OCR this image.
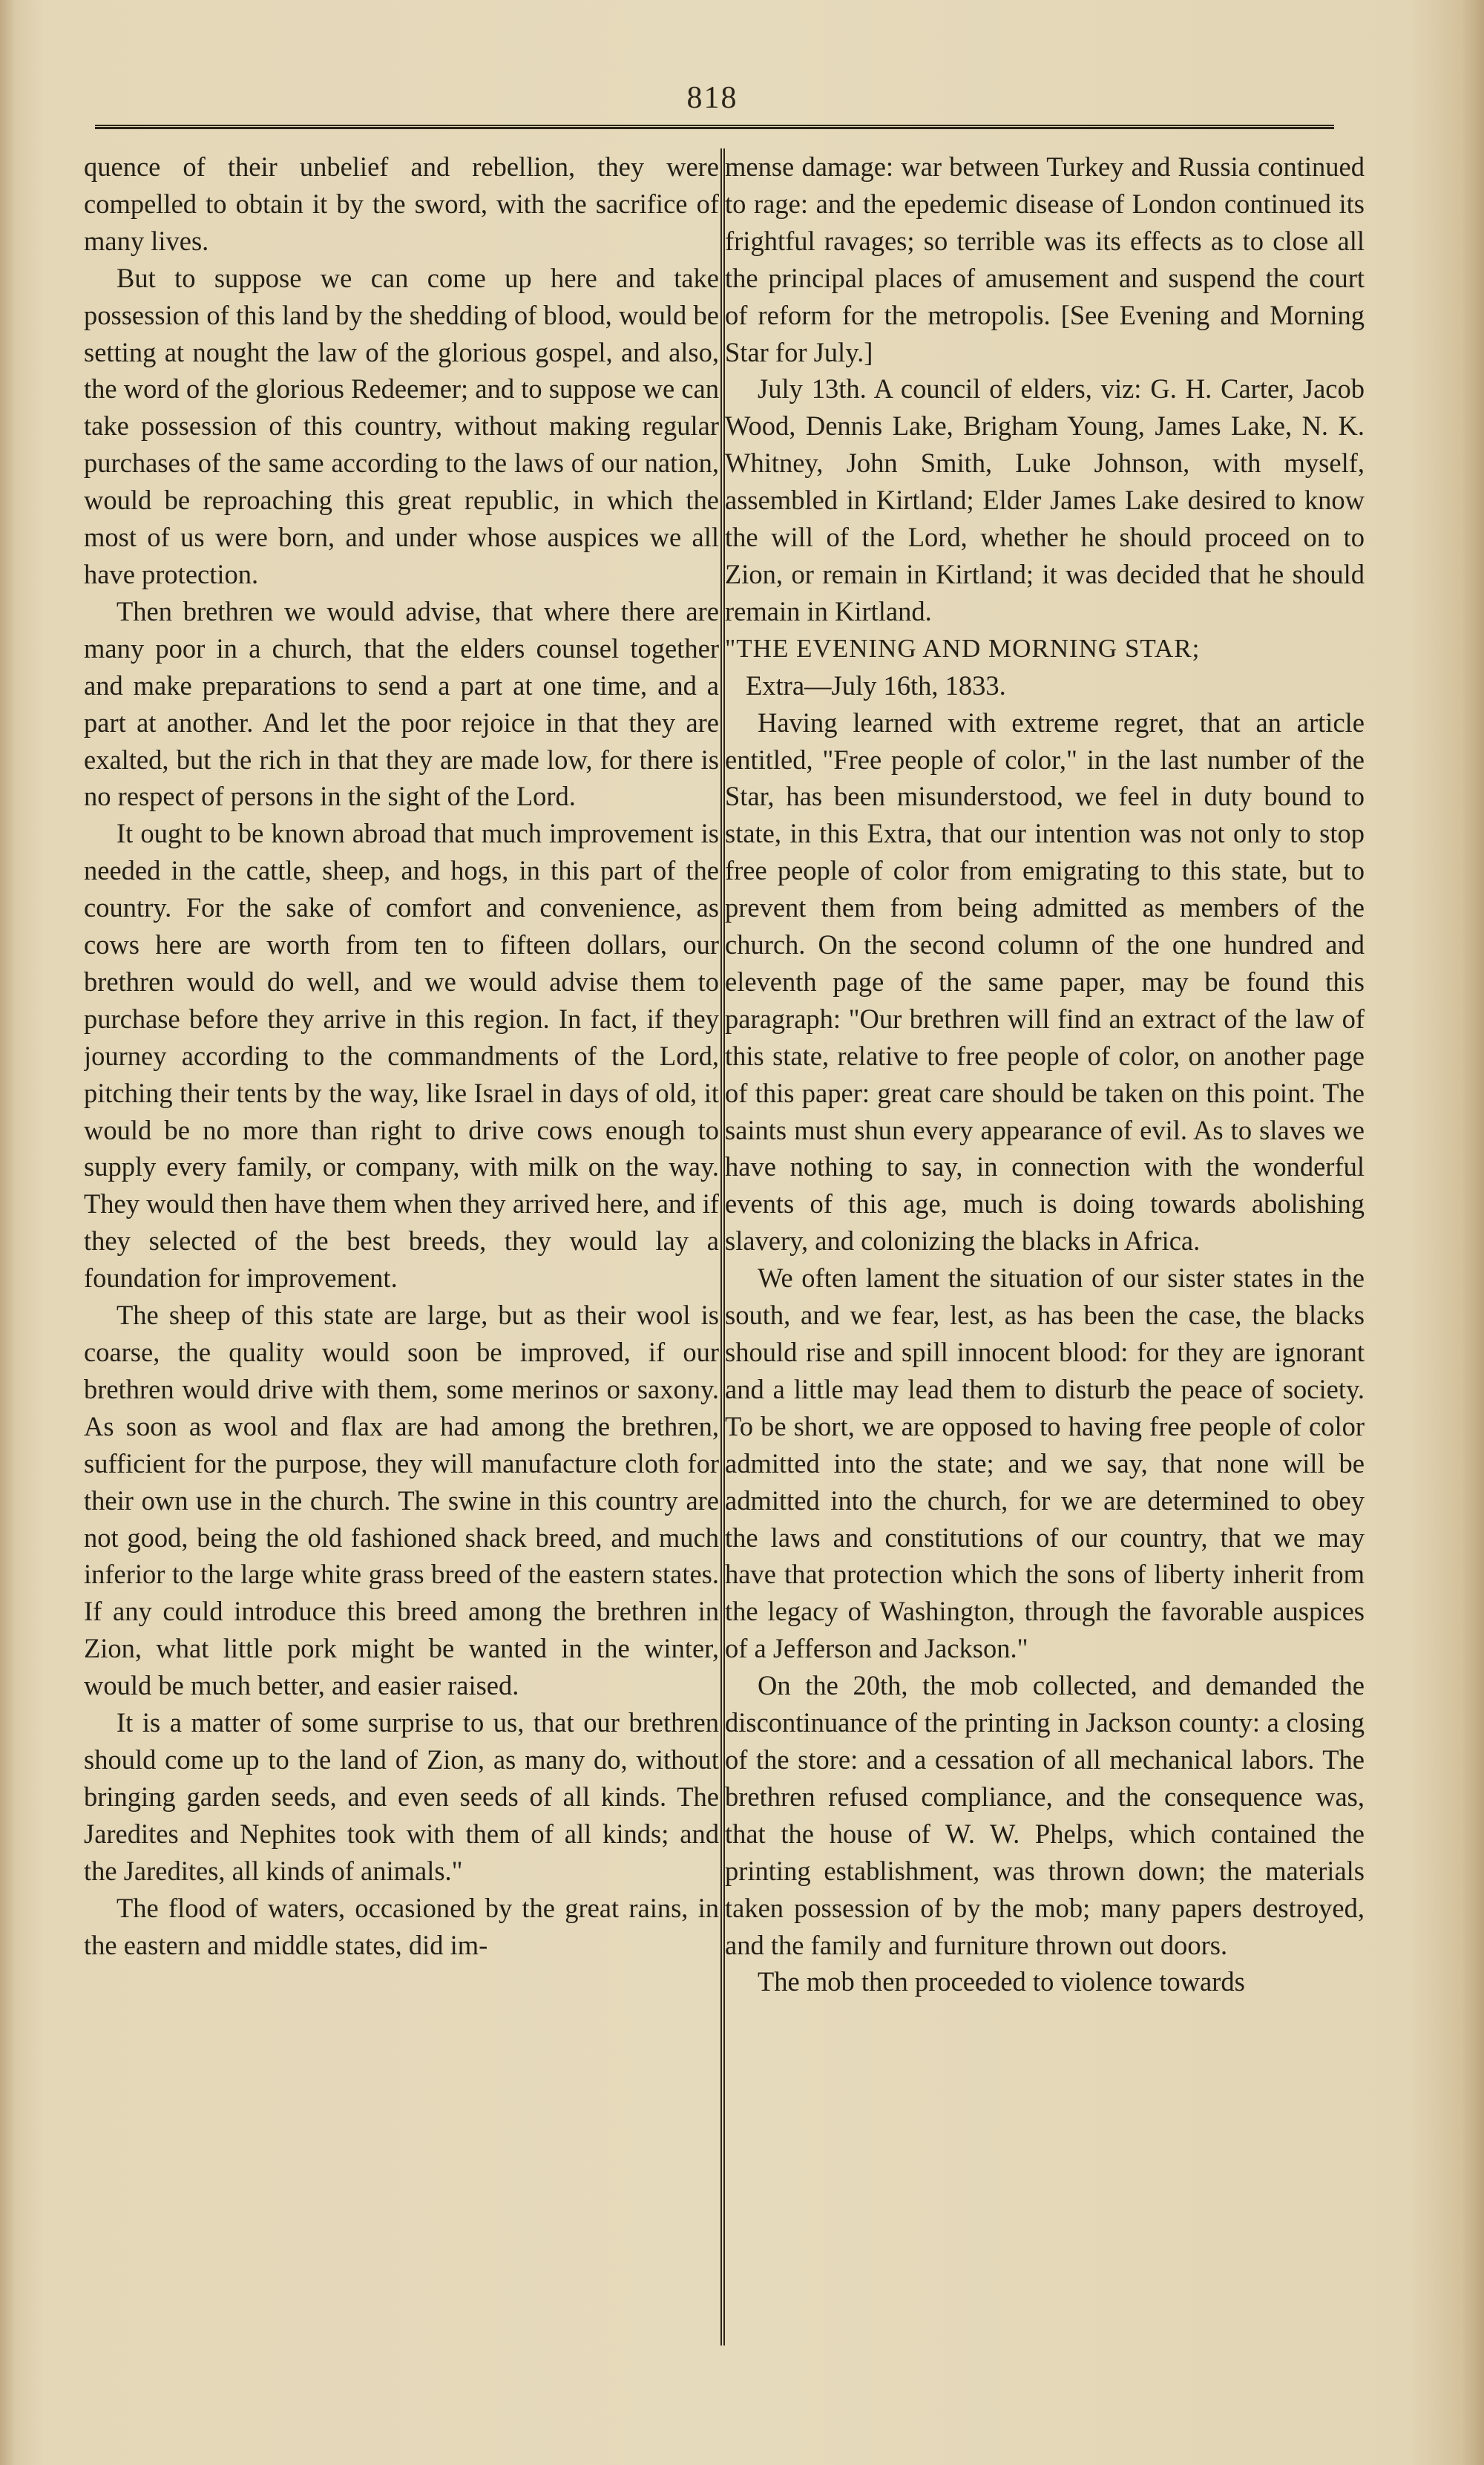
818

quence of their unbelief and rebellion, they were compelled to obtain it by the sword, with the sacrifice of many lives.

But to suppose we can come up here and take possession of this land by the shedding of blood, would be setting at nought the law of the glorious gospel, and also, the word of the glorious Redeemer; and to suppose we can take possession of this country, without making regular purchases of the same according to the laws of our nation, would be reproaching this great republic, in which the most of us were born, and under whose auspices we all have protection.

Then brethren we would advise, that where there are many poor in a church, that the elders counsel together and make preparations to send a part at one time, and a part at another. And let the poor rejoice in that they are exalted, but the rich in that they are made low, for there is no respect of persons in the sight of the Lord.

It ought to be known abroad that much improvement is needed in the cattle, sheep, and hogs, in this part of the country. For the sake of comfort and convenience, as cows here are worth from ten to fifteen dollars, our brethren would do well, and we would advise them to purchase before they arrive in this region. In fact, if they journey according to the commandments of the Lord, pitching their tents by the way, like Israel in days of old, it would be no more than right to drive cows enough to supply every family, or company, with milk on the way. They would then have them when they arrived here, and if they selected of the best breeds, they would lay a foundation for improvement.

The sheep of this state are large, but as their wool is coarse, the quality would soon be improved, if our brethren would drive with them, some merinos or saxony. As soon as wool and flax are had among the brethren, sufficient for the purpose, they will manufacture cloth for their own use in the church. The swine in this country are not good, being the old fashioned shack breed, and much inferior to the large white grass breed of the eastern states. If any could introduce this breed among the brethren in Zion, what little pork might be wanted in the winter, would be much better, and easier raised.

It is a matter of some surprise to us, that our brethren should come up to the land of Zion, as many do, without bringing garden seeds, and even seeds of all kinds. The Jaredites and Nephites took with them of all kinds; and the Jaredites, all kinds of animals."

The flood of waters, occasioned by the great rains, in the eastern and middle states, did im-

mense damage: war between Turkey and Russia continued to rage: and the epedemic disease of London continued its frightful ravages; so terrible was its effects as to close all the principal places of amusement and suspend the court of reform for the metropolis. [See Evening and Morning Star for July.]

July 13th. A council of elders, viz: G. H. Carter, Jacob Wood, Dennis Lake, Brigham Young, James Lake, N. K. Whitney, John Smith, Luke Johnson, with myself, assembled in Kirtland; Elder James Lake desired to know the will of the Lord, whether he should proceed on to Zion, or remain in Kirtland; it was decided that he should remain in Kirtland.

"THE EVENING AND MORNING STAR;

Extra—July 16th, 1833.

Having learned with extreme regret, that an article entitled, "Free people of color," in the last number of the Star, has been misunderstood, we feel in duty bound to state, in this Extra, that our intention was not only to stop free people of color from emigrating to this state, but to prevent them from being admitted as members of the church. On the second column of the one hundred and eleventh page of the same paper, may be found this paragraph: "Our brethren will find an extract of the law of this state, relative to free people of color, on another page of this paper: great care should be taken on this point. The saints must shun every appearance of evil. As to slaves we have nothing to say, in connection with the wonderful events of this age, much is doing towards abolishing slavery, and colonizing the blacks in Africa.

We often lament the situation of our sister states in the south, and we fear, lest, as has been the case, the blacks should rise and spill innocent blood: for they are ignorant and a little may lead them to disturb the peace of society. To be short, we are opposed to having free people of color admitted into the state; and we say, that none will be admitted into the church, for we are determined to obey the laws and constitutions of our country, that we may have that protection which the sons of liberty inherit from the legacy of Washington, through the favorable auspices of a Jefferson and Jackson."

On the 20th, the mob collected, and demanded the discontinuance of the printing in Jackson county: a closing of the store: and a cessation of all mechanical labors. The brethren refused compliance, and the consequence was, that the house of W. W. Phelps, which contained the printing establishment, was thrown down; the materials taken possession of by the mob; many papers destroyed, and the family and furniture thrown out doors.

The mob then proceeded to violence towards
